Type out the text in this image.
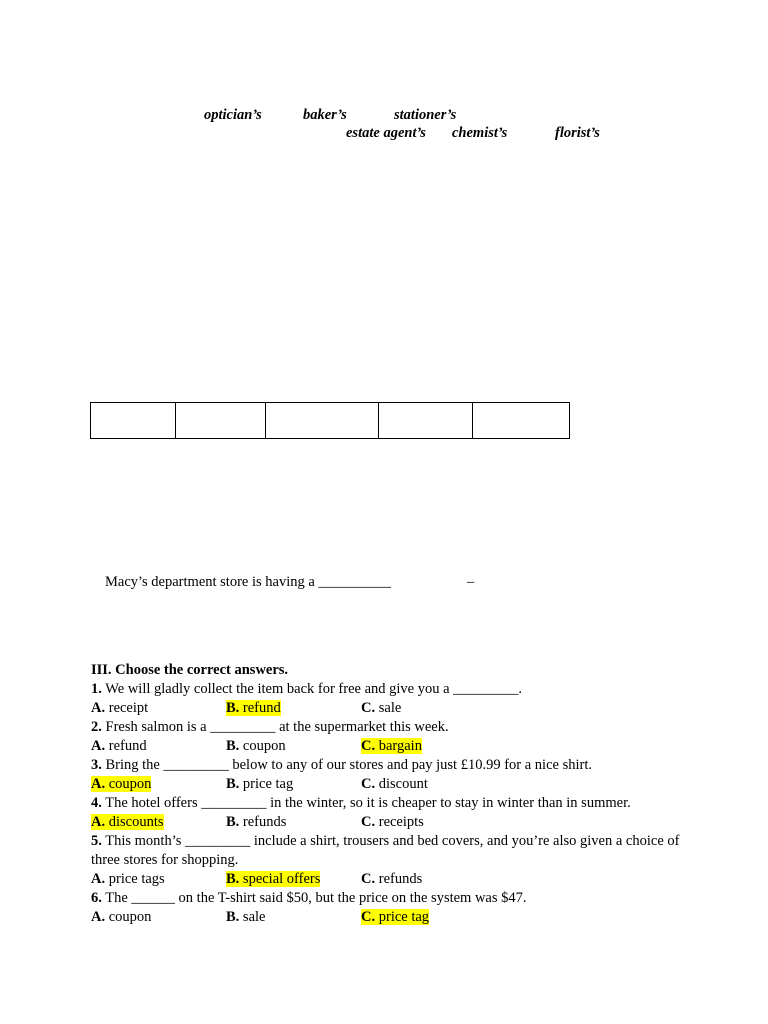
optician’s	baker’s	stationer’s
estate agent’s chemist’s	florist’s

Macy’s department store is having a __________	–
III. Choose the correct answers.
1. We will gladly collect the item back for free and give you a _________.
A. receipt	B. refund	C. sale
2. Fresh salmon is a _________ at the supermarket this week.
A. refund	B. coupon	C. bargain
3. Bring the _________ below to any of our stores and pay just £10.99 for a nice shirt.
A. coupon	B. price tag	C. discount
4. The hotel offers _________ in the winter, so it is cheaper to stay in winter than in summer.
A. discounts	B. refunds	C. receipts
5. This month’s _________ include a shirt, trousers and bed covers, and you’re also given a choice of three stores for shopping.
A. price tags	B. special offers	C. refunds
6. The ______ on the T-shirt said $50, but the price on the system was $47.
A. coupon	B. sale	C. price tag
